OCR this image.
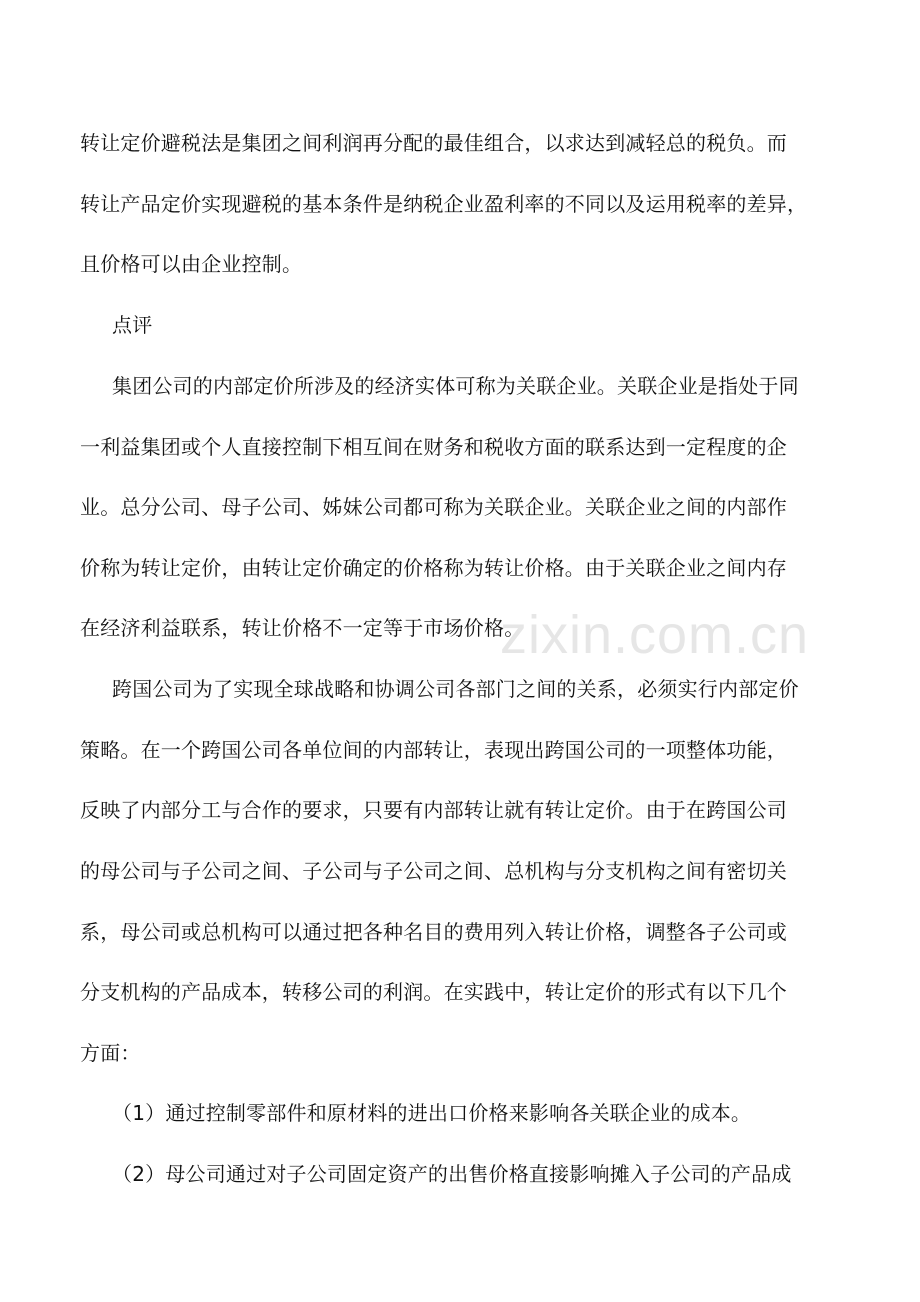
转让定价避税法是集团之间利润再分配的最佳组合，以求达到减轻总的税负。而
转让产品定价实现避税的基本条件是纳税企业盈利率的不同以及运用税率的差异，
且价格可以由企业控制。
点评
集团公司的内部定价所涉及的经济实体可称为关联企业。关联企业是指处于同
一利益集团或个人直接控制下相互间在财务和税收方面的联系达到一定程度的企
业。总分公司、母子公司、姊妹公司都可称为关联企业。关联企业之间的内部作
价称为转让定价，由转让定价确定的价格称为转让价格。由于关联企业之间内存
在经济利益联系，转让价格不一定等于市场价格。
跨国公司为了实现全球战略和协调公司各部门之间的关系，必须实行内部定价
策略。在一个跨国公司各单位间的内部转让，表现出跨国公司的一项整体功能，
反映了内部分工与合作的要求，只要有内部转让就有转让定价。由于在跨国公司
的母公司与子公司之间、子公司与子公司之间、总机构与分支机构之间有密切关
系，母公司或总机构可以通过把各种名目的费用列入转让价格，调整各子公司或
分支机构的产品成本，转移公司的利润。在实践中，转让定价的形式有以下几个
方面：
（1）通过控制零部件和原材料的进出口价格来影响各关联企业的成本。
（2）母公司通过对子公司固定资产的出售价格直接影响摊入子公司的产品成
zixin.com.cn
